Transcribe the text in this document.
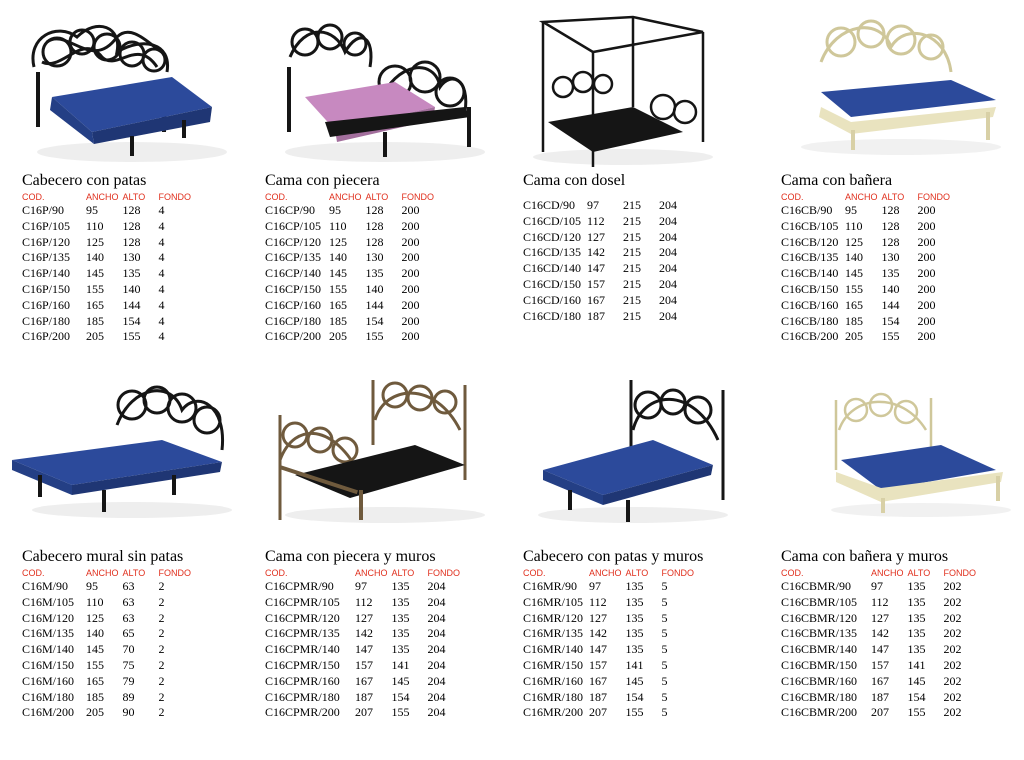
Cabecero con patas
COD.	ANCHO	ALTO	FONDO
C16P/90	95	128	4
C16P/105	110	128	4
C16P/120	125	128	4
C16P/135	140	130	4
C16P/140	145	135	4
C16P/150	155	140	4
C16P/160	165	144	4
C16P/180	185	154	4
C16P/200	205	155	4
Cama con piecera
COD.	ANCHO	ALTO	FONDO
C16CP/90	95	128	200
C16CP/105	110	128	200
C16CP/120	125	128	200
C16CP/135	140	130	200
C16CP/140	145	135	200
C16CP/150	155	140	200
C16CP/160	165	144	200
C16CP/180	185	154	200
C16CP/200	205	155	200
Cama con dosel
C16CD/90	97	215	204
C16CD/105	112	215	204
C16CD/120	127	215	204
C16CD/135	142	215	204
C16CD/140	147	215	204
C16CD/150	157	215	204
C16CD/160	167	215	204
C16CD/180	187	215	204
Cama con bañera
COD.	ANCHO	ALTO	FONDO
C16CB/90	95	128	200
C16CB/105	110	128	200
C16CB/120	125	128	200
C16CB/135	140	130	200
C16CB/140	145	135	200
C16CB/150	155	140	200
C16CB/160	165	144	200
C16CB/180	185	154	200
C16CB/200	205	155	200
Cabecero mural sin patas
COD.	ANCHO	ALTO	FONDO
C16M/90	95	63	2
C16M/105	110	63	2
C16M/120	125	63	2
C16M/135	140	65	2
C16M/140	145	70	2
C16M/150	155	75	2
C16M/160	165	79	2
C16M/180	185	89	2
C16M/200	205	90	2
Cama con piecera y muros
COD.	ANCHO	ALTO	FONDO
C16CPMR/90	97	135	204
C16CPMR/105	112	135	204
C16CPMR/120	127	135	204
C16CPMR/135	142	135	204
C16CPMR/140	147	135	204
C16CPMR/150	157	141	204
C16CPMR/160	167	145	204
C16CPMR/180	187	154	204
C16CPMR/200	207	155	204
Cabecero con patas y muros
COD.	ANCHO	ALTO	FONDO
C16MR/90	97	135	5
C16MR/105	112	135	5
C16MR/120	127	135	5
C16MR/135	142	135	5
C16MR/140	147	135	5
C16MR/150	157	141	5
C16MR/160	167	145	5
C16MR/180	187	154	5
C16MR/200	207	155	5
Cama con bañera y muros
COD.	ANCHO	ALTO	FONDO
C16CBMR/90	97	135	202
C16CBMR/105	112	135	202
C16CBMR/120	127	135	202
C16CBMR/135	142	135	202
C16CBMR/140	147	135	202
C16CBMR/150	157	141	202
C16CBMR/160	167	145	202
C16CBMR/180	187	154	202
C16CBMR/200	207	155	202
